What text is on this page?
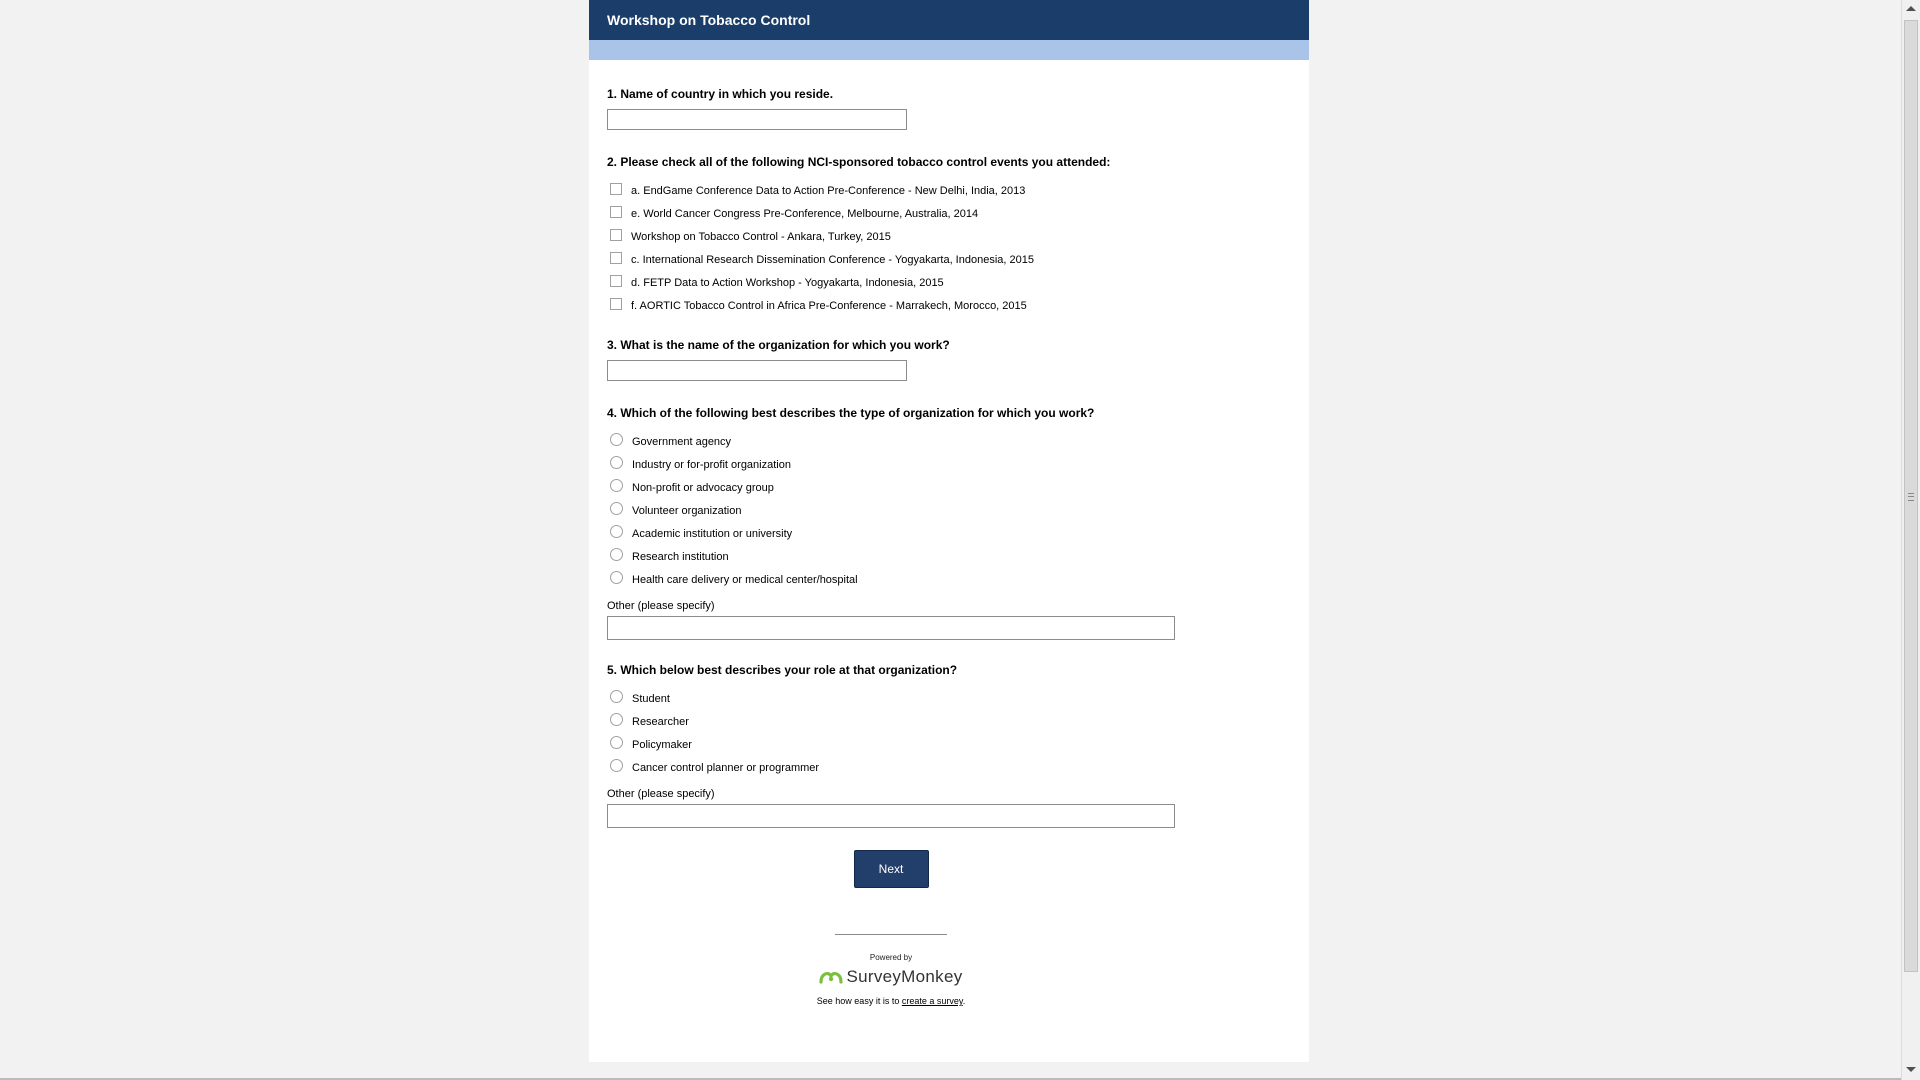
Workshop on Tobacco Control

1. Name of country in which you reside.

2. Please check all of the following NCI-sponsored tobacco control events you attended:

a. EndGame Conference Data to Action Pre-Conference - New Delhi, India, 2013
e. World Cancer Congress Pre-Conference, Melbourne, Australia, 2014
Workshop on Tobacco Control - Ankara, Turkey, 2015
c. International Research Dissemination Conference - Yogyakarta, Indonesia, 2015
d. FETP Data to Action Workshop - Yogyakarta, Indonesia, 2015
f. AORTIC Tobacco Control in Africa Pre-Conference - Marrakech, Morocco, 2015

3. What is the name of the organization for which you work?

4. Which of the following best describes the type of organization for which you work?

Government agency
Industry or for-profit organization
Non-profit or advocacy group
Volunteer organization
Academic institution or university
Research institution
Health care delivery or medical center/hospital
Other (please specify)

5. Which below best describes your role at that organization?

Student
Researcher
Policymaker
Cancer control planner or programmer
Other (please specify)
Next
Powered by
SurveyMonkey
See how easy it is to create a survey.
